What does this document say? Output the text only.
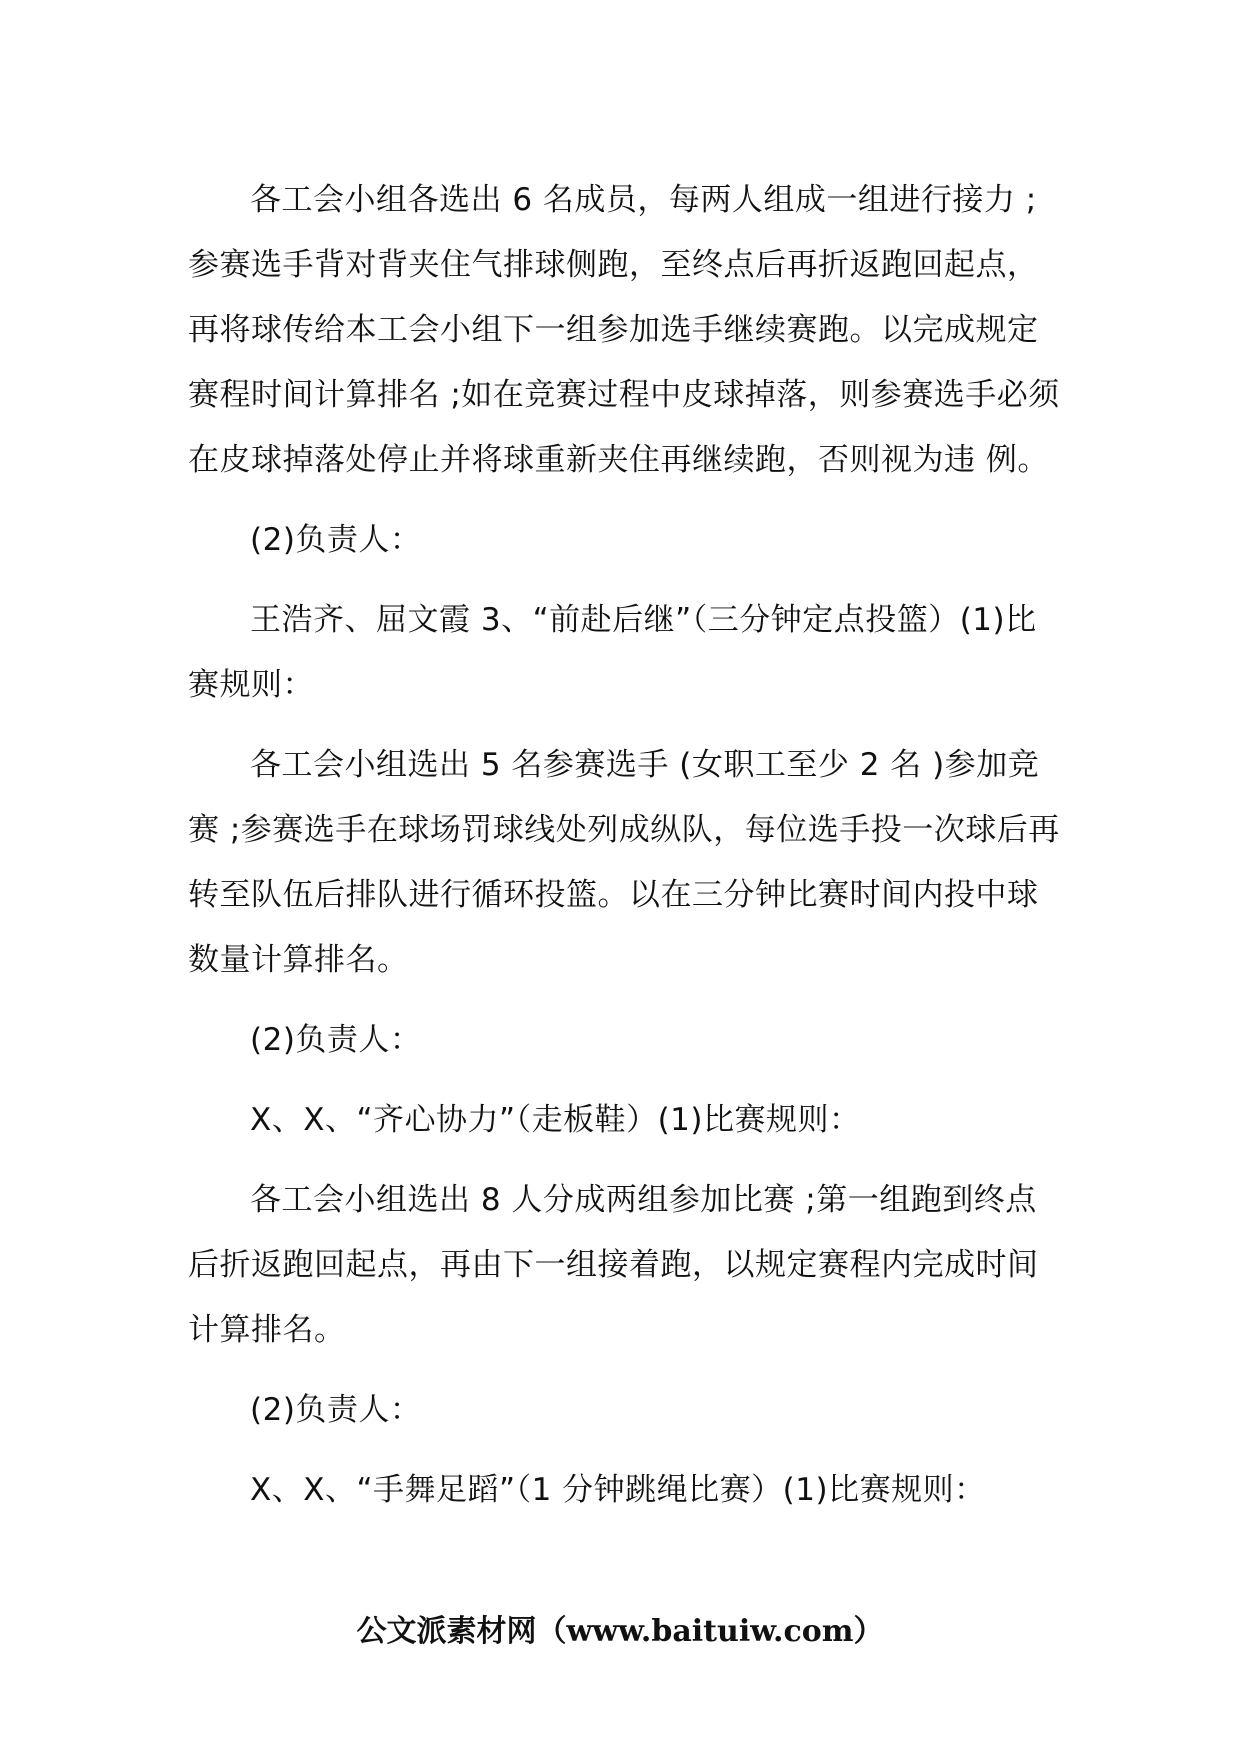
各工会小组各选出 6 名成员，每两人组成一组进行接力 ;参赛选手背对背夹住气排球侧跑，至终点后再折返跑回起点，再将球传给本工会小组下一组参加选手继续赛跑。以完成规定赛程时间计算排名 ;如在竞赛过程中皮球掉落，则参赛选手必须在皮球掉落处停止并将球重新夹住再继续跑，否则视为违 例。

(2)负责人：

王浩齐、屈文霞 3、“前赴后继”（三分钟定点投篮）(1)比赛规则：

各工会小组选出 5 名参赛选手 (女职工至少 2 名 )参加竞赛 ;参赛选手在球场罚球线处列成纵队，每位选手投一次球后再转至队伍后排队进行循环投篮。以在三分钟比赛时间内投中球数量计算排名。

(2)负责人：

X、X、“齐心协力”（走板鞋）(1)比赛规则：

各工会小组选出 8 人分成两组参加比赛 ;第一组跑到终点后折返跑回起点，再由下一组接着跑，以规定赛程内完成时间计算排名。

(2)负责人：

X、X、“手舞足蹈”（1 分钟跳绳比赛）(1)比赛规则：

公文派素材网（www.baituiw.com）
